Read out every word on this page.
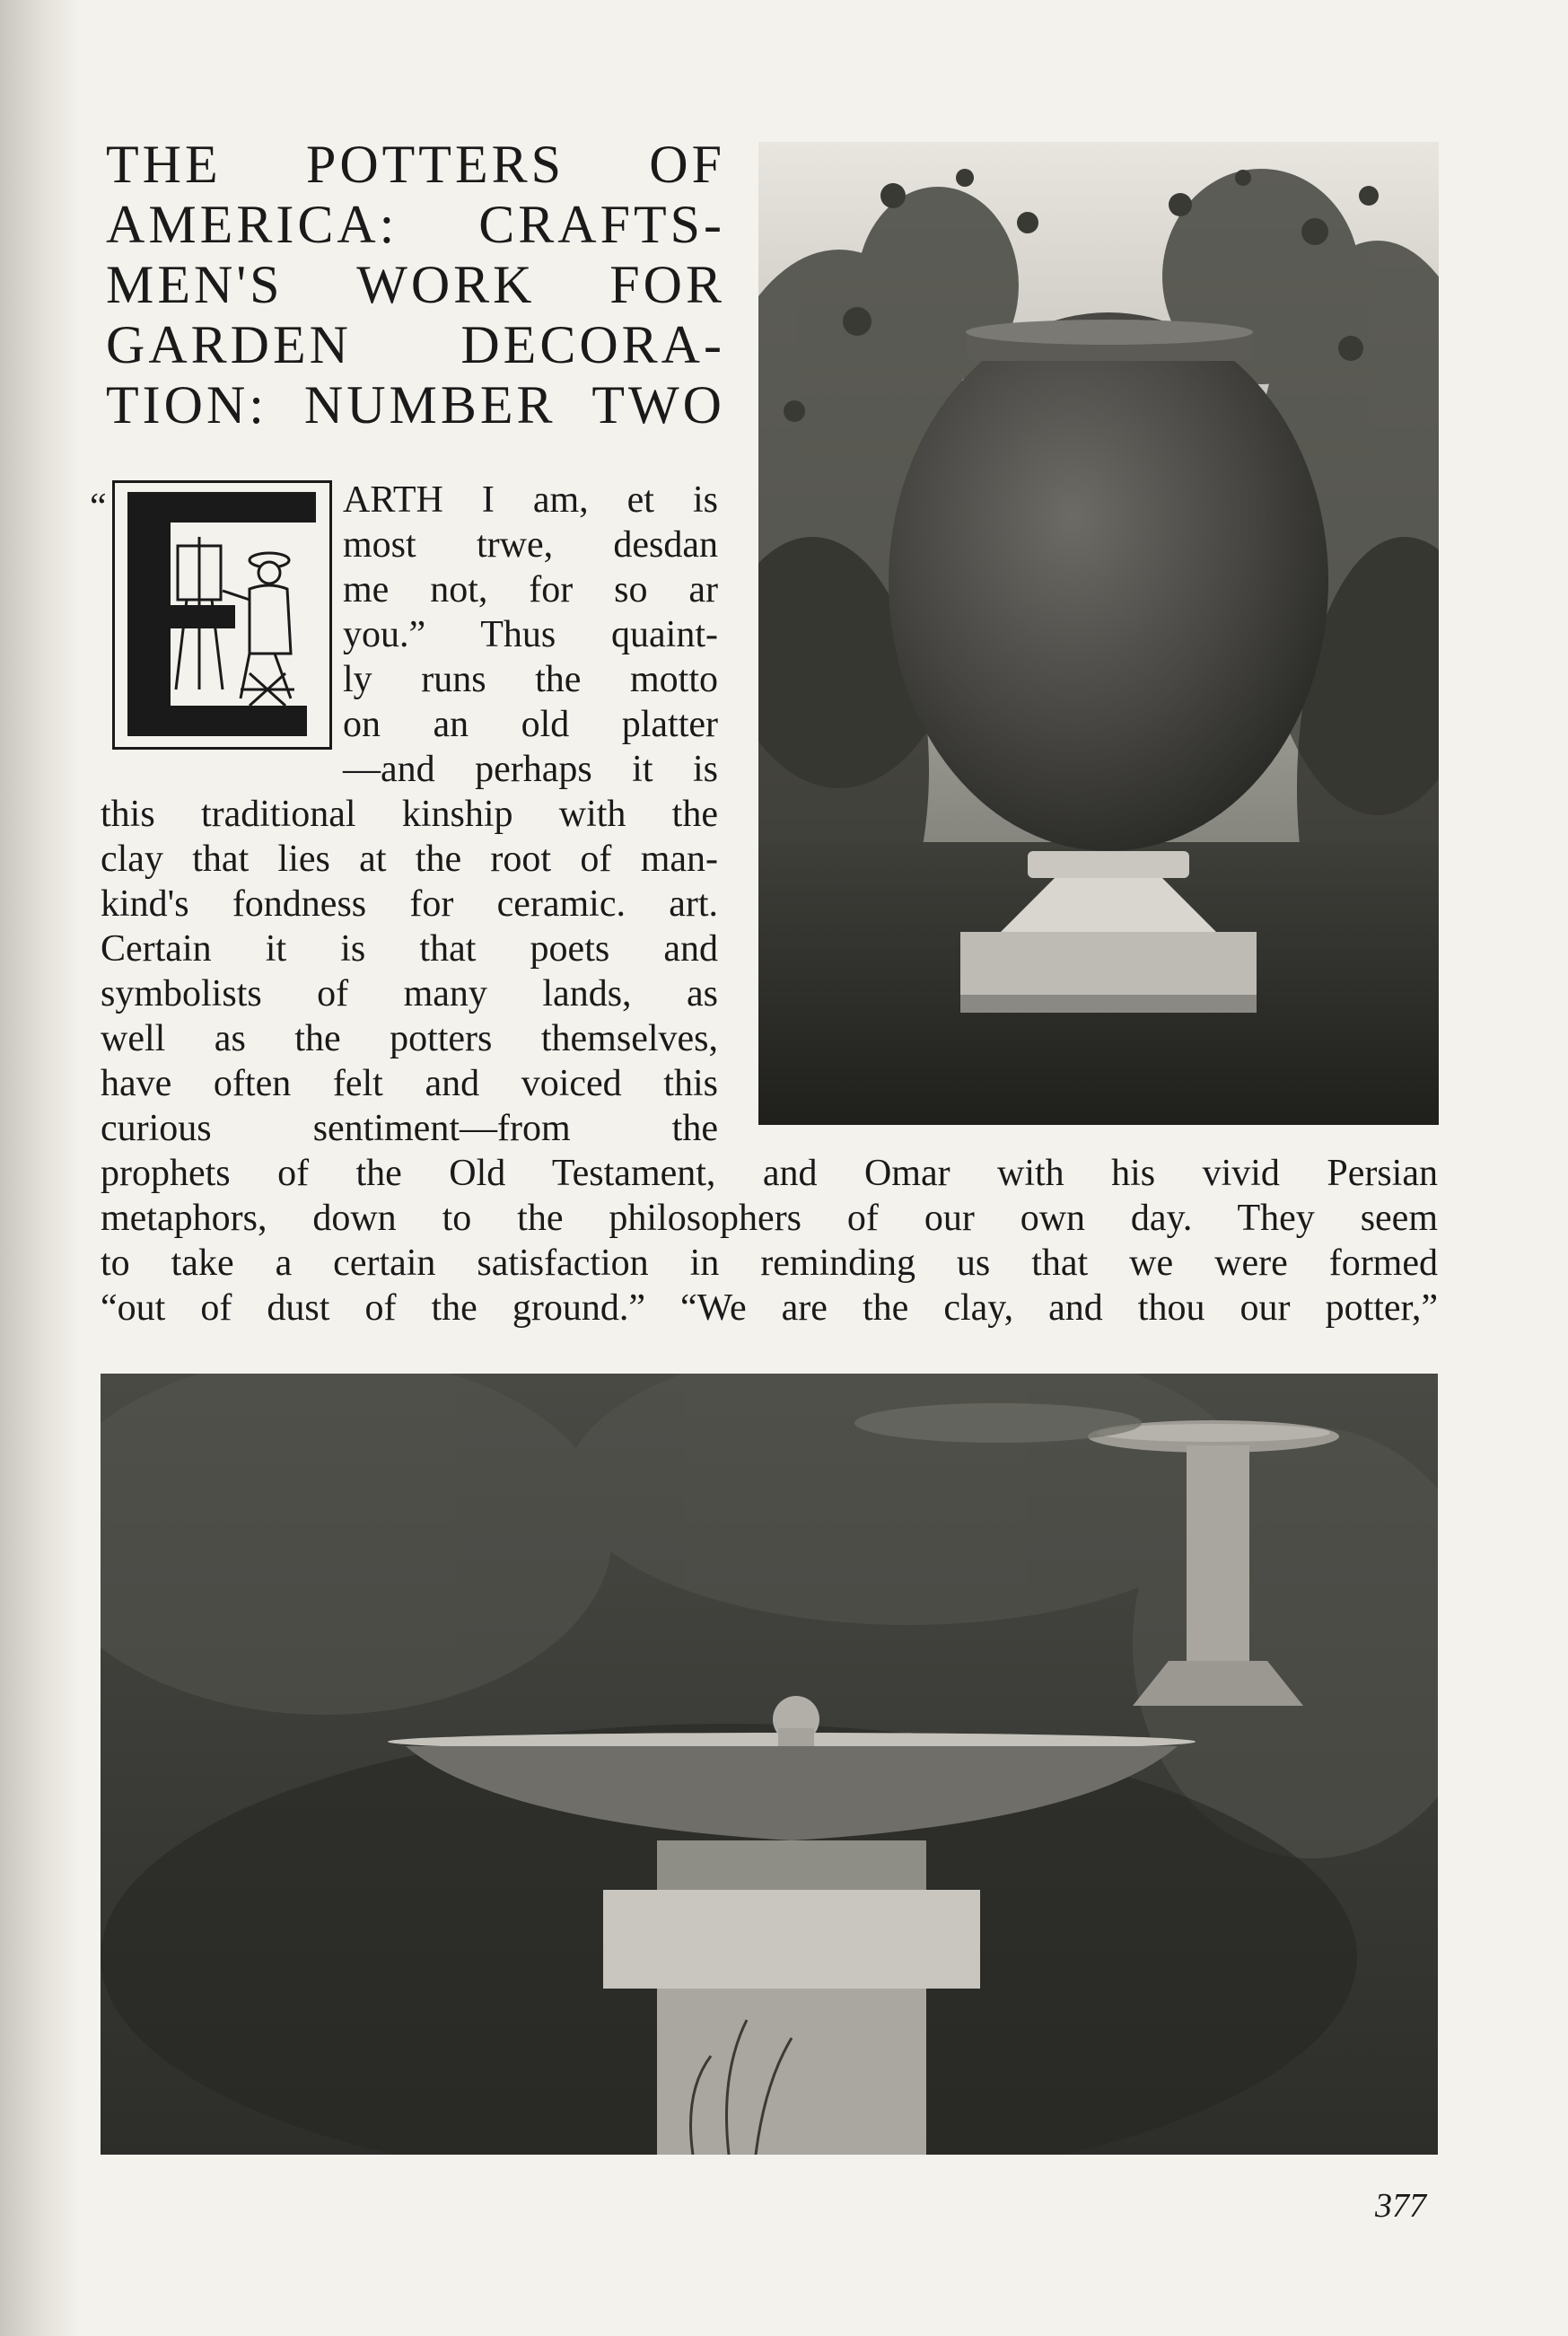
THE POTTERS OF
AMERICA: CRAFTS-
MEN'S WORK FOR
GARDEN DECORA-
TION: NUMBER TWO
“	ARTH I am, et is
most trwe, desdan
me not, for so ar
you.” Thus quaint-
ly runs the motto
on an old platter
—and perhaps it is
this traditional kinship with the
clay that lies at the root of man-
kind's fondness for ceramic. art.
Certain it is that poets and
symbolists of many lands, as
well as the potters themselves,
have often felt and voiced this
curious sentiment—from the
prophets of the Old Testament, and Omar with his vivid Persian
metaphors, down to the philosophers of our own day. They seem
to take a certain satisfaction in reminding us that we were formed
“out of dust of the ground.” “We are the clay, and thou our potter,”
377
